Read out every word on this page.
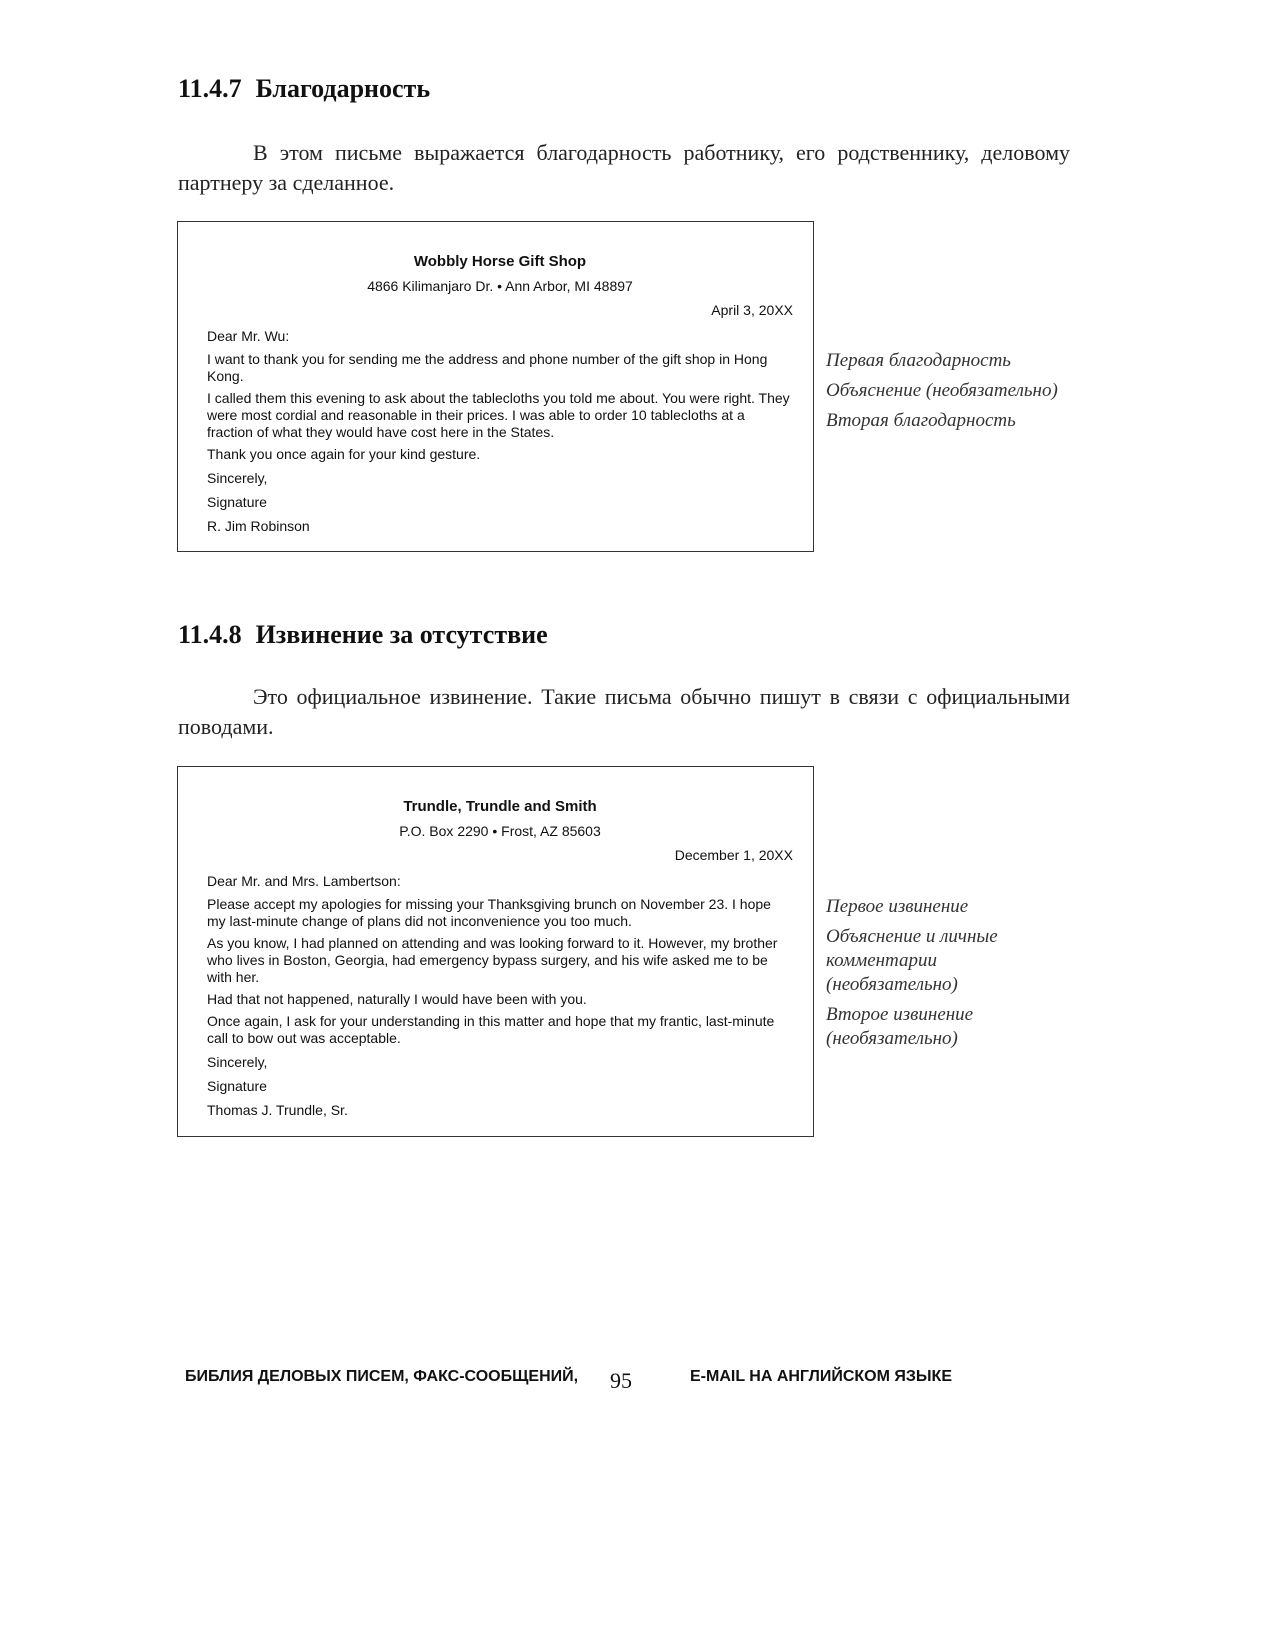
11.4.7 Благодарность

В этом письме выражается благодарность работнику, его родственнику, деловому партнеру за сделанное.

Wobbly Horse Gift Shop
4866 Kilimanjaro Dr. • Ann Arbor, MI 48897
April 3, 20XX

Dear Mr. Wu:

I want to thank you for sending me the address and phone number of the gift shop in Hong Kong.

I called them this evening to ask about the tablecloths you told me about. You were right. They were most cordial and reasonable in their prices. I was able to order 10 tablecloths at a fraction of what they would have cost here in the States.

Thank you once again for your kind gesture.

Sincerely,

Signature

R. Jim Robinson

Первая благодарность
Объяснение (необязательно)
Вторая благодарность
11.4.8 Извинение за отсутствие

Это официальное извинение. Такие письма обычно пишут в связи с официальными поводами.

Trundle, Trundle and Smith
P.O. Box 2290 • Frost, AZ 85603
December 1, 20XX

Dear Mr. and Mrs. Lambertson:

Please accept my apologies for missing your Thanksgiving brunch on November 23. I hope my last-minute change of plans did not inconvenience you too much.

As you know, I had planned on attending and was looking forward to it. However, my brother who lives in Boston, Georgia, had emergency bypass surgery, and his wife asked me to be with her.

Had that not happened, naturally I would have been with you.

Once again, I ask for your understanding in this matter and hope that my frantic, last-minute call to bow out was acceptable.

Sincerely,

Signature

Thomas J. Trundle, Sr.

Первое извинение
Объяснение и личные комментарии (необязательно)
Второе извинение (необязательно)
БИБЛИЯ ДЕЛОВЫХ ПИСЕМ, ФАКС-СООБЩЕНИЙ, 95	E-MAIL НА АНГЛИЙСКОМ ЯЗЫКЕ
